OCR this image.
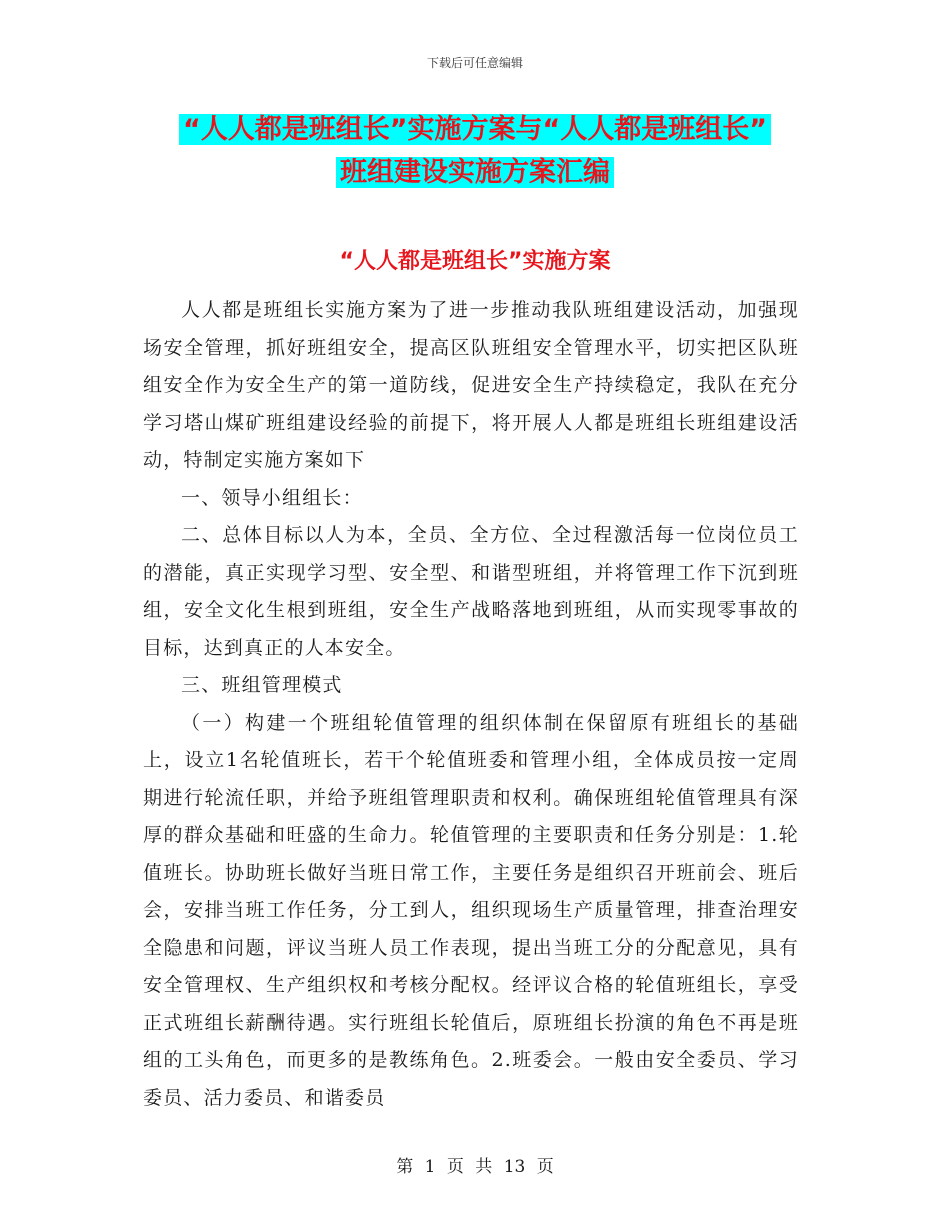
下载后可任意编辑
“人人都是班组长”实施方案与“人人都是班组长”
班组建设实施方案汇编
“人人都是班组长”实施方案

人人都是班组长实施方案为了进一步推动我队班组建设活动，加强现场安全管理，抓好班组安全，提高区队班组安全管理水平，切实把区队班组安全作为安全生产的第一道防线，促进安全生产持续稳定，我队在充分学习塔山煤矿班组建设经验的前提下，将开展人人都是班组长班组建设活动，特制定实施方案如下

一、领导小组组长：

二、总体目标以人为本，全员、全方位、全过程激活每一位岗位员工的潜能，真正实现学习型、安全型、和谐型班组，并将管理工作下沉到班组，安全文化生根到班组，安全生产战略落地到班组，从而实现零事故的目标，达到真正的人本安全。

三、班组管理模式

（一）构建一个班组轮值管理的组织体制在保留原有班组长的基础上，设立1名轮值班长，若干个轮值班委和管理小组，全体成员按一定周期进行轮流任职，并给予班组管理职责和权利。确保班组轮值管理具有深厚的群众基础和旺盛的生命力。轮值管理的主要职责和任务分别是：1.轮值班长。协助班长做好当班日常工作，主要任务是组织召开班前会、班后会，安排当班工作任务，分工到人，组织现场生产质量管理，排查治理安全隐患和问题，评议当班人员工作表现，提出当班工分的分配意见，具有安全管理权、生产组织权和考核分配权。经评议合格的轮值班组长，享受正式班组长薪酬待遇。实行班组长轮值后，原班组长扮演的角色不再是班组的工头角色，而更多的是教练角色。2.班委会。一般由安全委员、学习委员、活力委员、和谐委员

第 1 页 共 13 页
